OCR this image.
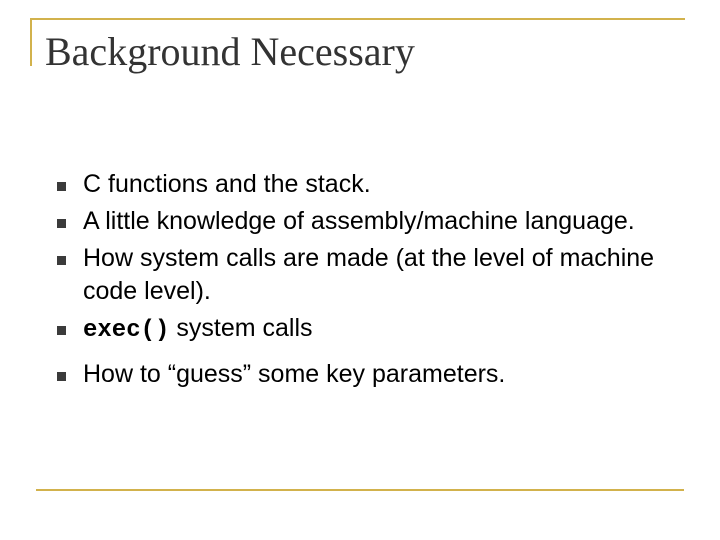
Background Necessary
C functions and the stack.
A little knowledge of assembly/machine language.
How system calls are made (at the level of machine code level).
exec() system calls
How to “guess” some key parameters.
